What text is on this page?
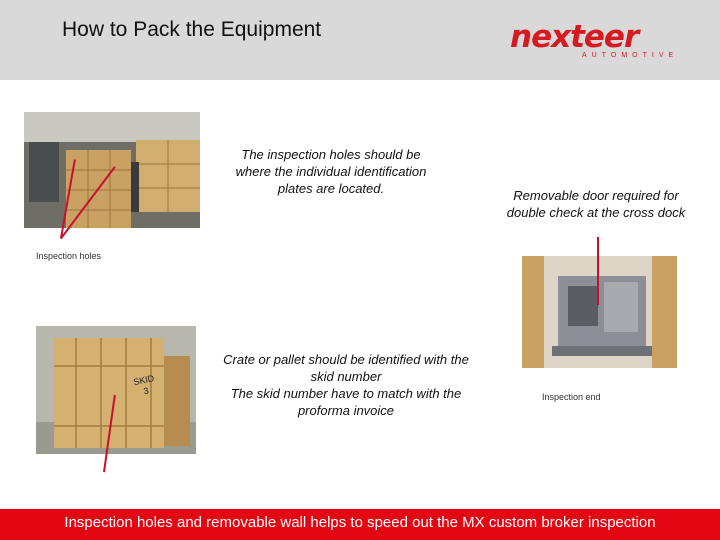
How to Pack the Equipment	nexteer
AUTOMOTIVE
Inspection holes
Inspection end
SKID 3
The inspection holes should be where the individual identification plates are located.	Removable door required for double check at the cross dock
Crate or pallet should be identified with the skid number
The skid number have to match with the proforma invoice
Inspection holes and removable wall helps to speed out the MX custom broker inspection
